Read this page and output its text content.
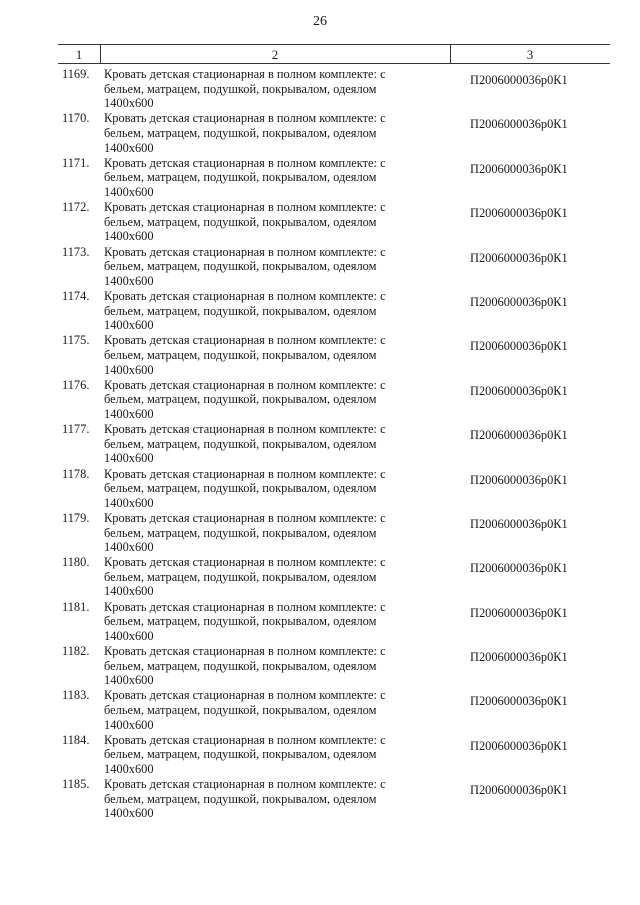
26
1	2	3
1169.	Кровать детская стационарная в полном комплекте: с
бельем, матрацем, подушкой, покрывалом, одеялом
1400х600
П2006000036р0К1
1170.	Кровать детская стационарная в полном комплекте: с
бельем, матрацем, подушкой, покрывалом, одеялом
1400х600
П2006000036р0К1
1171.	Кровать детская стационарная в полном комплекте: с
бельем, матрацем, подушкой, покрывалом, одеялом
1400х600
П2006000036р0К1
1172.	Кровать детская стационарная в полном комплекте: с
бельем, матрацем, подушкой, покрывалом, одеялом
1400х600
П2006000036р0К1
1173.	Кровать детская стационарная в полном комплекте: с
бельем, матрацем, подушкой, покрывалом, одеялом
1400х600
П2006000036р0К1
1174.	Кровать детская стационарная в полном комплекте: с
бельем, матрацем, подушкой, покрывалом, одеялом
1400х600
П2006000036р0К1
1175.	Кровать детская стационарная в полном комплекте: с
бельем, матрацем, подушкой, покрывалом, одеялом
1400х600
П2006000036р0К1
1176.	Кровать детская стационарная в полном комплекте: с
бельем, матрацем, подушкой, покрывалом, одеялом
1400х600
П2006000036р0К1
1177.	Кровать детская стационарная в полном комплекте: с
бельем, матрацем, подушкой, покрывалом, одеялом
1400х600
П2006000036р0К1
1178.	Кровать детская стационарная в полном комплекте: с
бельем, матрацем, подушкой, покрывалом, одеялом
1400х600
П2006000036р0К1
1179.	Кровать детская стационарная в полном комплекте: с
бельем, матрацем, подушкой, покрывалом, одеялом
1400х600
П2006000036р0К1
1180.	Кровать детская стационарная в полном комплекте: с
бельем, матрацем, подушкой, покрывалом, одеялом
1400х600
П2006000036р0К1
1181.	Кровать детская стационарная в полном комплекте: с
бельем, матрацем, подушкой, покрывалом, одеялом
1400х600
П2006000036р0К1
1182.	Кровать детская стационарная в полном комплекте: с
бельем, матрацем, подушкой, покрывалом, одеялом
1400х600
П2006000036р0К1
1183.	Кровать детская стационарная в полном комплекте: с
бельем, матрацем, подушкой, покрывалом, одеялом
1400х600
П2006000036р0К1
1184.	Кровать детская стационарная в полном комплекте: с
бельем, матрацем, подушкой, покрывалом, одеялом
1400х600
П2006000036р0К1
1185.	Кровать детская стационарная в полном комплекте: с
бельем, матрацем, подушкой, покрывалом, одеялом
1400х600
П2006000036р0К1
